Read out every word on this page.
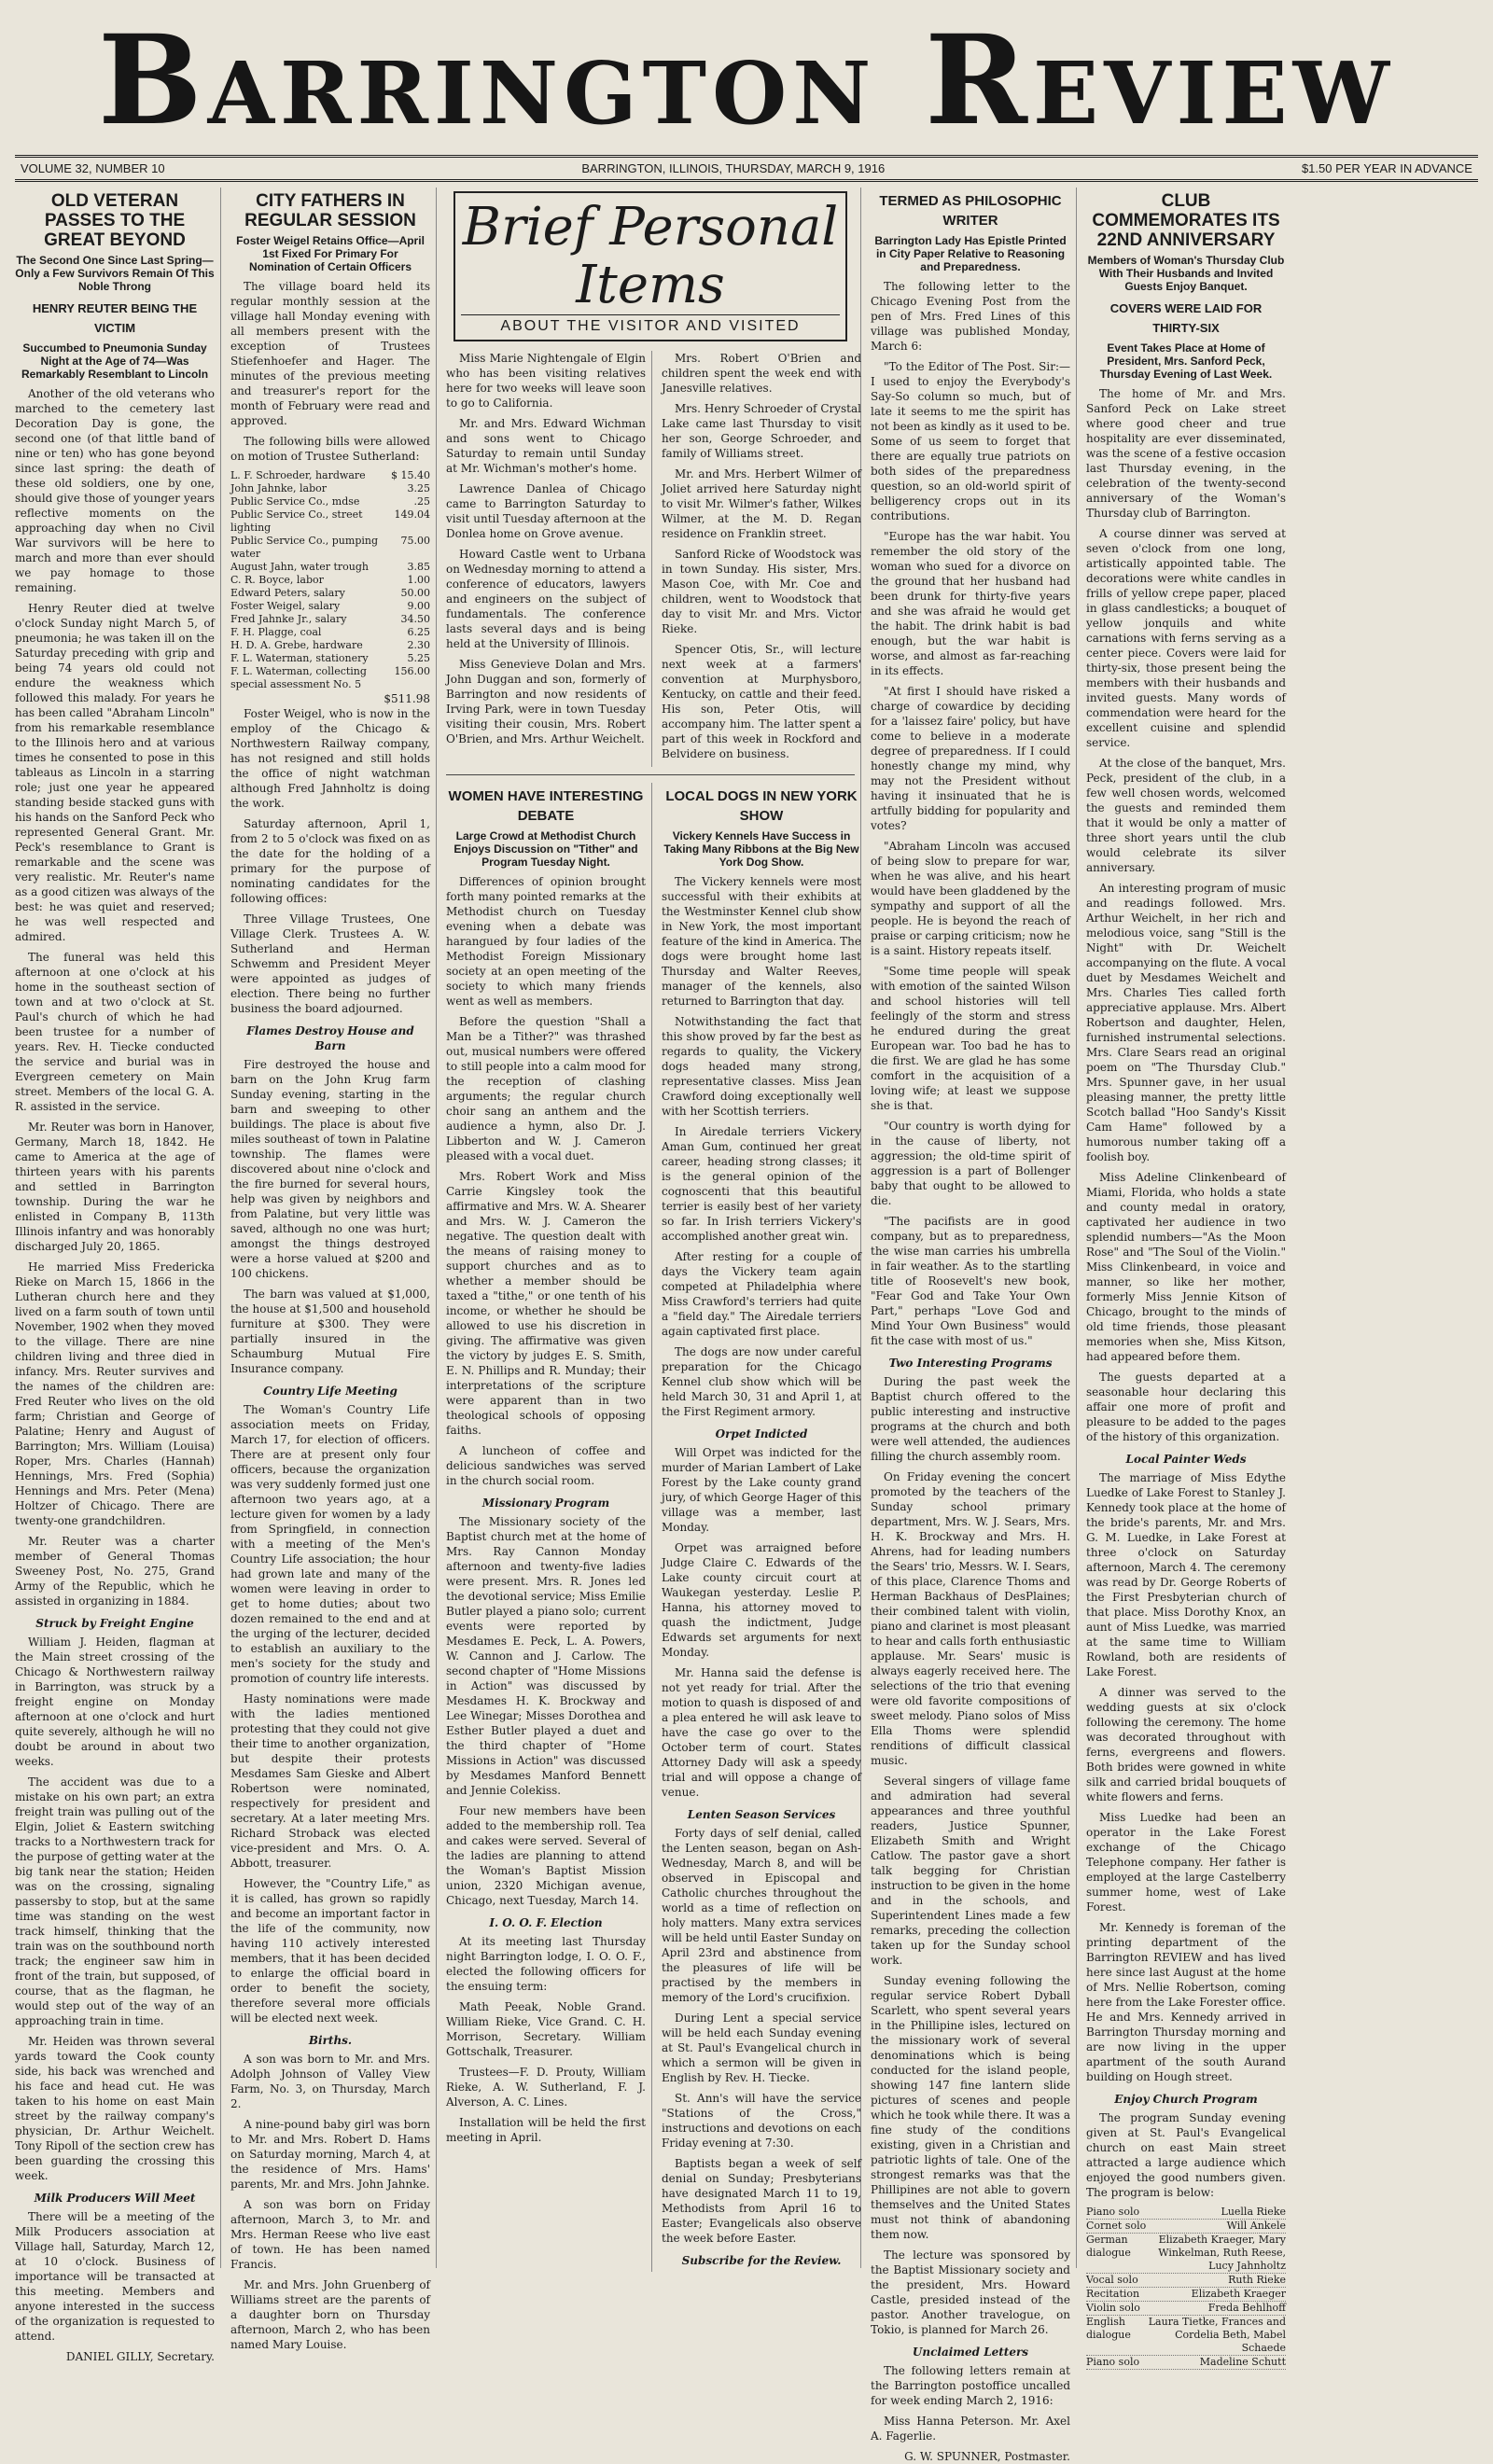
Barrington Review
VOLUME 32, NUMBER 10	BARRINGTON, ILLINOIS, THURSDAY, MARCH 9, 1916	$1.50 PER YEAR IN ADVANCE
OLD VETERAN PASSES TO THE GREAT BEYOND
The Second One Since Last Spring—Only a Few Survivors Remain Of This Noble Throng
HENRY REUTER BEING THE VICTIM
Succumbed to Pneumonia Sunday Night at the Age of 74—Was Remarkably Resemblant to Lincoln

Another of the old veterans who marched to the cemetery last Decoration Day is gone, the second one (of that little band of nine or ten) who has gone beyond since last spring: the death of these old soldiers, one by one, should give those of younger years reflective moments on the approaching day when no Civil War survivors will be here to march and more than ever should we pay homage to those remaining.

Henry Reuter died at twelve o'clock Sunday night March 5, of pneumonia; he was taken ill on the Saturday preceding with grip and being 74 years old could not endure the weakness which followed this malady. For years he has been called "Abraham Lincoln" from his remarkable resemblance to the Illinois hero and at various times he consented to pose in this tableaus as Lincoln in a starring role; just one year he appeared standing beside stacked guns with his hands on the Sanford Peck who represented General Grant. Mr. Peck's resemblance to Grant is remarkable and the scene was very realistic. Mr. Reuter's name as a good citizen was always of the best: he was quiet and reserved; he was well respected and admired.

The funeral was held this afternoon at one o'clock at his home in the southeast section of town and at two o'clock at St. Paul's church of which he had been trustee for a number of years. Rev. H. Tiecke conducted the service and burial was in Evergreen cemetery on Main street. Members of the local G. A. R. assisted in the service.

Mr. Reuter was born in Hanover, Germany, March 18, 1842. He came to America at the age of thirteen years with his parents and settled in Barrington township. During the war he enlisted in Company B, 113th Illinois infantry and was honorably discharged July 20, 1865.

He married Miss Fredericka Rieke on March 15, 1866 in the Lutheran church here and they lived on a farm south of town until November, 1902 when they moved to the village. There are nine children living and three died in infancy. Mrs. Reuter survives and the names of the children are: Fred Reuter who lives on the old farm; Christian and George of Palatine; Henry and August of Barrington; Mrs. William (Louisa) Roper, Mrs. Charles (Hannah) Hennings, Mrs. Fred (Sophia) Hennings and Mrs. Peter (Mena) Holtzer of Chicago. There are twenty-one grandchildren.

Mr. Reuter was a charter member of General Thomas Sweeney Post, No. 275, Grand Army of the Republic, which he assisted in organizing in 1884.

Struck by Freight Engine

William J. Heiden, flagman at the Main street crossing of the Chicago & Northwestern railway in Barrington, was struck by a freight engine on Monday afternoon at one o'clock and hurt quite severely, although he will no doubt be around in about two weeks.

The accident was due to a mistake on his own part; an extra freight train was pulling out of the Elgin, Joliet & Eastern switching tracks to a Northwestern track for the purpose of getting water at the big tank near the station; Heiden was on the crossing, signaling passersby to stop, but at the same time was standing on the west track himself, thinking that the train was on the southbound north track; the engineer saw him in front of the train, but supposed, of course, that as the flagman, he would step out of the way of an approaching train in time.

Mr. Heiden was thrown several yards toward the Cook county side, his back was wrenched and his face and head cut. He was taken to his home on east Main street by the railway company's physician, Dr. Arthur Weichelt. Tony Ripoll of the section crew has been guarding the crossing this week.

Milk Producers Will Meet

There will be a meeting of the Milk Producers association at Village hall, Saturday, March 12, at 10 o'clock. Business of importance will be transacted at this meeting. Members and anyone interested in the success of the organization is requested to attend.

DANIEL GILLY, Secretary.

CITY FATHERS IN REGULAR SESSION
Foster Weigel Retains Office—April 1st Fixed For Primary For Nomination of Certain Officers

The village board held its regular monthly session at the village hall Monday evening with all members present with the exception of Trustees Stiefenhoefer and Hager. The minutes of the previous meeting and treasurer's report for the month of February were read and approved.

The following bills were allowed on motion of Trustee Sutherland:

L. F. Schroeder, hardware $ 15.40
John Jahnke, labor	3.25
Public Service Co., mdse	.25
Public Service Co., street lighting
149.04
Public Service Co., pumping water
75.00
August Jahn, water trough	3.85
C. R. Boyce, labor	1.00
Edward Peters, salary	50.00
Foster Weigel, salary	9.00
Fred Jahnke Jr., salary	34.50
F. H. Plagge, coal	6.25
H. D. A. Grebe, hardware	2.30
F. L. Waterman, stationery	5.25
F. L. Waterman, collecting special assessment No. 5
156.00
$511.98

Foster Weigel, who is now in the employ of the Chicago & Northwestern Railway company, has not resigned and still holds the office of night watchman although Fred Jahnholtz is doing the work.

Saturday afternoon, April 1, from 2 to 5 o'clock was fixed on as the date for the holding of a primary for the purpose of nominating candidates for the following offices:

Three Village Trustees, One Village Clerk. Trustees A. W. Sutherland and Herman Schwemm and President Meyer were appointed as judges of election. There being no further business the board adjourned.

Flames Destroy House and Barn

Fire destroyed the house and barn on the John Krug farm Sunday evening, starting in the barn and sweeping to other buildings. The place is about five miles southeast of town in Palatine township. The flames were discovered about nine o'clock and the fire burned for several hours, help was given by neighbors and from Palatine, but very little was saved, although no one was hurt; amongst the things destroyed were a horse valued at $200 and 100 chickens.

The barn was valued at $1,000, the house at $1,500 and household furniture at $300. They were partially insured in the Schaumburg Mutual Fire Insurance company.

Country Life Meeting

The Woman's Country Life association meets on Friday, March 17, for election of officers. There are at present only four officers, because the organization was very suddenly formed just one afternoon two years ago, at a lecture given for women by a lady from Springfield, in connection with a meeting of the Men's Country Life association; the hour had grown late and many of the women were leaving in order to get to home duties; about two dozen remained to the end and at the urging of the lecturer, decided to establish an auxiliary to the men's society for the study and promotion of country life interests.

Hasty nominations were made with the ladies mentioned protesting that they could not give their time to another organization, but despite their protests Mesdames Sam Gieske and Albert Robertson were nominated, respectively for president and secretary. At a later meeting Mrs. Richard Stroback was elected vice-president and Mrs. O. A. Abbott, treasurer.

However, the "Country Life," as it is called, has grown so rapidly and become an important factor in the life of the community, now having 110 actively interested members, that it has been decided to enlarge the official board in order to benefit the society, therefore several more officials will be elected next week.

Births.

A son was born to Mr. and Mrs. Adolph Johnson of Valley View Farm, No. 3, on Thursday, March 2.

A nine-pound baby girl was born to Mr. and Mrs. Robert D. Hams on Saturday morning, March 4, at the residence of Mrs. Hams' parents, Mr. and Mrs. John Jahnke.

A son was born on Friday afternoon, March 3, to Mr. and Mrs. Herman Reese who live east of town. He has been named Francis.

Mr. and Mrs. John Gruenberg of Williams street are the parents of a daughter born on Thursday afternoon, March 2, who has been named Mary Louise.

Brief Personal Items
ABOUT THE VISITOR AND VISITED

Miss Marie Nightengale of Elgin who has been visiting relatives here for two weeks will leave soon to go to California.

Mr. and Mrs. Edward Wichman and sons went to Chicago Saturday to remain until Sunday at Mr. Wichman's mother's home.

Lawrence Danlea of Chicago came to Barrington Saturday to visit until Tuesday afternoon at the Donlea home on Grove avenue.

Howard Castle went to Urbana on Wednesday morning to attend a conference of educators, lawyers and engineers on the subject of fundamentals. The conference lasts several days and is being held at the University of Illinois.

Miss Genevieve Dolan and Mrs. John Duggan and son, formerly of Barrington and now residents of Irving Park, were in town Tuesday visiting their cousin, Mrs. Robert O'Brien, and Mrs. Arthur Weichelt.

Mrs. Robert O'Brien and children spent the week end with Janesville relatives.

Mrs. Henry Schroeder of Crystal Lake came last Thursday to visit her son, George Schroeder, and family of Williams street.

Mr. and Mrs. Herbert Wilmer of Joliet arrived here Saturday night to visit Mr. Wilmer's father, Wilkes Wilmer, at the M. D. Regan residence on Franklin street.

Sanford Ricke of Woodstock was in town Sunday. His sister, Mrs. Mason Coe, with Mr. Coe and children, went to Woodstock that day to visit Mr. and Mrs. Victor Rieke.

Spencer Otis, Sr., will lecture next week at a farmers' convention at Murphysboro, Kentucky, on cattle and their feed. His son, Peter Otis, will accompany him. The latter spent a part of this week in Rockford and Belvidere on business.

WOMEN HAVE INTERESTING DEBATE
Large Crowd at Methodist Church Enjoys Discussion on "Tither" and Program Tuesday Night.

Differences of opinion brought forth many pointed remarks at the Methodist church on Tuesday evening when a debate was harangued by four ladies of the Methodist Foreign Missionary society at an open meeting of the society to which many friends went as well as members.

Before the question "Shall a Man be a Tither?" was thrashed out, musical numbers were offered to still people into a calm mood for the reception of clashing arguments; the regular church choir sang an anthem and the audience a hymn, also Dr. J. Libberton and W. J. Cameron pleased with a vocal duet.

Mrs. Robert Work and Miss Carrie Kingsley took the affirmative and Mrs. W. A. Shearer and Mrs. W. J. Cameron the negative. The question dealt with the means of raising money to support churches and as to whether a member should be taxed a "tithe," or one tenth of his income, or whether he should be allowed to use his discretion in giving. The affirmative was given the victory by judges E. S. Smith, E. N. Phillips and R. Munday; their interpretations of the scripture were apparent than in two theological schools of opposing faiths.

A luncheon of coffee and delicious sandwiches was served in the church social room.

Missionary Program

The Missionary society of the Baptist church met at the home of Mrs. Ray Cannon Monday afternoon and twenty-five ladies were present. Mrs. R. Jones led the devotional service; Miss Emilie Butler played a piano solo; current events were reported by Mesdames E. Peck, L. A. Powers, W. Cannon and J. Carlow. The second chapter of "Home Missions in Action" was discussed by Mesdames H. K. Brockway and Lee Winegar; Misses Dorothea and Esther Butler played a duet and the third chapter of "Home Missions in Action" was discussed by Mesdames Manford Bennett and Jennie Colekiss.

Four new members have been added to the membership roll. Tea and cakes were served. Several of the ladies are planning to attend the Woman's Baptist Mission union, 2320 Michigan avenue, Chicago, next Tuesday, March 14.

I. O. O. F. Election

At its meeting last Thursday night Barrington lodge, I. O. O. F., elected the following officers for the ensuing term:

Math Peeak, Noble Grand. William Rieke, Vice Grand. C. H. Morrison, Secretary. William Gottschalk, Treasurer.

Trustees—F. D. Prouty, William Rieke, A. W. Sutherland, F. J. Alverson, A. C. Lines.

Installation will be held the first meeting in April.

LOCAL DOGS IN NEW YORK SHOW
Vickery Kennels Have Success in Taking Many Ribbons at the Big New York Dog Show.

The Vickery kennels were most successful with their exhibits at the Westminster Kennel club show in New York, the most important feature of the kind in America. The dogs were brought home last Thursday and Walter Reeves, manager of the kennels, also returned to Barrington that day.

Notwithstanding the fact that this show proved by far the best as regards to quality, the Vickery dogs headed many strong, representative classes. Miss Jean Crawford doing exceptionally well with her Scottish terriers.

In Airedale terriers Vickery Aman Gum, continued her great career, heading strong classes; it is the general opinion of the cognoscenti that this beautiful terrier is easily best of her variety so far. In Irish terriers Vickery's accomplished another great win.

After resting for a couple of days the Vickery team again competed at Philadelphia where Miss Crawford's terriers had quite a "field day." The Airedale terriers again captivated first place.

The dogs are now under careful preparation for the Chicago Kennel club show which will be held March 30, 31 and April 1, at the First Regiment armory.

Orpet Indicted

Will Orpet was indicted for the murder of Marian Lambert of Lake Forest by the Lake county grand jury, of which George Hager of this village was a member, last Monday.

Orpet was arraigned before Judge Claire C. Edwards of the Lake county circuit court at Waukegan yesterday. Leslie P. Hanna, his attorney moved to quash the indictment, Judge Edwards set arguments for next Monday.

Mr. Hanna said the defense is not yet ready for trial. After the motion to quash is disposed of and a plea entered he will ask leave to have the case go over to the October term of court. States Attorney Dady will ask a speedy trial and will oppose a change of venue.

Lenten Season Services

Forty days of self denial, called the Lenten season, began on Ash-Wednesday, March 8, and will be observed in Episcopal and Catholic churches throughout the world as a time of reflection on holy matters. Many extra services will be held until Easter Sunday on April 23rd and abstinence from the pleasures of life will be practised by the members in memory of the Lord's crucifixion.

During Lent a special service will be held each Sunday evening at St. Paul's Evangelical church in which a sermon will be given in English by Rev. H. Tiecke.

St. Ann's will have the service "Stations of the Cross," instructions and devotions on each Friday evening at 7:30.

Baptists began a week of self denial on Sunday; Presbyterians have designated March 11 to 19, Methodists from April 16 to Easter; Evangelicals also observe the week before Easter.

Subscribe for the Review.
TERMED AS PHILOSOPHIC WRITER
Barrington Lady Has Epistle Printed in City Paper Relative to Reasoning and Preparedness.

The following letter to the Chicago Evening Post from the pen of Mrs. Fred Lines of this village was published Monday, March 6:

"To the Editor of The Post. Sir:—I used to enjoy the Everybody's Say-So column so much, but of late it seems to me the spirit has not been as kindly as it used to be. Some of us seem to forget that there are equally true patriots on both sides of the preparedness question, so an old-world spirit of belligerency crops out in its contributions.

"Europe has the war habit. You remember the old story of the woman who sued for a divorce on the ground that her husband had been drunk for thirty-five years and she was afraid he would get the habit. The drink habit is bad enough, but the war habit is worse, and almost as far-reaching in its effects.

"At first I should have risked a charge of cowardice by deciding for a 'laissez faire' policy, but have come to believe in a moderate degree of preparedness. If I could honestly change my mind, why may not the President without having it insinuated that he is artfully bidding for popularity and votes?

"Abraham Lincoln was accused of being slow to prepare for war, when he was alive, and his heart would have been gladdened by the sympathy and support of all the people. He is beyond the reach of praise or carping criticism; now he is a saint. History repeats itself.

"Some time people will speak with emotion of the sainted Wilson and school histories will tell feelingly of the storm and stress he endured during the great European war. Too bad he has to die first. We are glad he has some comfort in the acquisition of a loving wife; at least we suppose she is that.

"Our country is worth dying for in the cause of liberty, not aggression; the old-time spirit of aggression is a part of Bollenger baby that ought to be allowed to die.

"The pacifists are in good company, but as to preparedness, the wise man carries his umbrella in fair weather. As to the startling title of Roosevelt's new book, "Fear God and Take Your Own Part," perhaps "Love God and Mind Your Own Business" would fit the case with most of us."

Two Interesting Programs

During the past week the Baptist church offered to the public interesting and instructive programs at the church and both were well attended, the audiences filling the church assembly room.

On Friday evening the concert promoted by the teachers of the Sunday school primary department, Mrs. W. J. Sears, Mrs. H. K. Brockway and Mrs. H. Ahrens, had for leading numbers the Sears' trio, Messrs. W. I. Sears, of this place, Clarence Thoms and Herman Backhaus of DesPlaines; their combined talent with violin, piano and clarinet is most pleasant to hear and calls forth enthusiastic applause. Mr. Sears' music is always eagerly received here. The selections of the trio that evening were old favorite compositions of sweet melody. Piano solos of Miss Ella Thoms were splendid renditions of difficult classical music.

Several singers of village fame and admiration had several appearances and three youthful readers, Justice Spunner, Elizabeth Smith and Wright Catlow. The pastor gave a short talk begging for Christian instruction to be given in the home and in the schools, and Superintendent Lines made a few remarks, preceding the collection taken up for the Sunday school work.

Sunday evening following the regular service Robert Dyball Scarlett, who spent several years in the Phillipine isles, lectured on the missionary work of several denominations which is being conducted for the island people, showing 147 fine lantern slide pictures of scenes and people which he took while there. It was a fine study of the conditions existing, given in a Christian and patriotic lights of tale. One of the strongest remarks was that the Phillipines are not able to govern themselves and the United States must not think of abandoning them now.

The lecture was sponsored by the Baptist Missionary society and the president, Mrs. Howard Castle, presided instead of the pastor. Another travelogue, on Tokio, is planned for March 26.

Unclaimed Letters

The following letters remain at the Barrington postoffice uncalled for week ending March 2, 1916:

Miss Hanna Peterson. Mr. Axel A. Fagerlie.

G. W. SPUNNER, Postmaster.

CLUB COMMEMORATES ITS 22ND ANNIVERSARY
Members of Woman's Thursday Club With Their Husbands and Invited Guests Enjoy Banquet.
COVERS WERE LAID FOR THIRTY-SIX
Event Takes Place at Home of President, Mrs. Sanford Peck, Thursday Evening of Last Week.

The home of Mr. and Mrs. Sanford Peck on Lake street where good cheer and true hospitality are ever disseminated, was the scene of a festive occasion last Thursday evening, in the celebration of the twenty-second anniversary of the Woman's Thursday club of Barrington.

A course dinner was served at seven o'clock from one long, artistically appointed table. The decorations were white candles in frills of yellow crepe paper, placed in glass candlesticks; a bouquet of yellow jonquils and white carnations with ferns serving as a center piece. Covers were laid for thirty-six, those present being the members with their husbands and invited guests. Many words of commendation were heard for the excellent cuisine and splendid service.

At the close of the banquet, Mrs. Peck, president of the club, in a few well chosen words, welcomed the guests and reminded them that it would be only a matter of three short years until the club would celebrate its silver anniversary.

An interesting program of music and readings followed. Mrs. Arthur Weichelt, in her rich and melodious voice, sang "Still is the Night" with Dr. Weichelt accompanying on the flute. A vocal duet by Mesdames Weichelt and Mrs. Charles Ties called forth appreciative applause. Mrs. Albert Robertson and daughter, Helen, furnished instrumental selections. Mrs. Clare Sears read an original poem on "The Thursday Club." Mrs. Spunner gave, in her usual pleasing manner, the pretty little Scotch ballad "Hoo Sandy's Kissit Cam Hame" followed by a humorous number taking off a foolish boy.

Miss Adeline Clinkenbeard of Miami, Florida, who holds a state and county medal in oratory, captivated her audience in two splendid numbers—"As the Moon Rose" and "The Soul of the Violin." Miss Clinkenbeard, in voice and manner, so like her mother, formerly Miss Jennie Kitson of Chicago, brought to the minds of old time friends, those pleasant memories when she, Miss Kitson, had appeared before them.

The guests departed at a seasonable hour declaring this affair one more of profit and pleasure to be added to the pages of the history of this organization.

Local Painter Weds

The marriage of Miss Edythe Luedke of Lake Forest to Stanley J. Kennedy took place at the home of the bride's parents, Mr. and Mrs. G. M. Luedke, in Lake Forest at three o'clock on Saturday afternoon, March 4. The ceremony was read by Dr. George Roberts of the First Presbyterian church of that place. Miss Dorothy Knox, an aunt of Miss Luedke, was married at the same time to William Rowland, both are residents of Lake Forest.

A dinner was served to the wedding guests at six o'clock following the ceremony. The home was decorated throughout with ferns, evergreens and flowers. Both brides were gowned in white silk and carried bridal bouquets of white flowers and ferns.

Miss Luedke had been an operator in the Lake Forest exchange of the Chicago Telephone company. Her father is employed at the large Castelberry summer home, west of Lake Forest.

Mr. Kennedy is foreman of the printing department of the Barrington REVIEW and has lived here since last August at the home of Mrs. Nellie Robertson, coming here from the Lake Forester office. He and Mrs. Kennedy arrived in Barrington Thursday morning and are now living in the upper apartment of the south Aurand building on Hough street.

Enjoy Church Program

The program Sunday evening given at St. Paul's Evangelical church on east Main street attracted a large audience which enjoyed the good numbers given. The program is below:

Piano solo	Luella Rieke
Cornet solo	Will Ankele
German dialogue
Elizabeth Kraeger, Mary Winkelman, Ruth Reese, Lucy Jahnholtz
Vocal solo	Ruth Rieke
Recitation	Elizabeth Kraeger
Violin solo	Freda Behlhoff
English dialogue
Laura Tietke, Frances and Cordelia Beth, Mabel Schaede
Piano solo	Madeline Schutt
